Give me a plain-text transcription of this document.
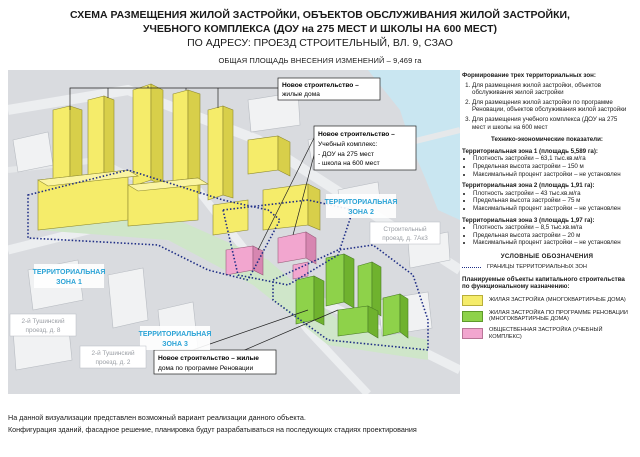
СХЕМА РАЗМЕЩЕНИЯ ЖИЛОЙ ЗАСТРОЙКИ, ОБЪЕКТОВ ОБСЛУЖИВАНИЯ ЖИЛОЙ ЗАСТРОЙКИ,
УЧЕБНОГО КОМПЛЕКСА (ДОУ на 275 МЕСТ И ШКОЛЫ НА 600 МЕСТ)
ПО АДРЕСУ: ПРОЕЗД СТРОИТЕЛЬНЫЙ, ВЛ. 9, СЗАО
ОБЩАЯ ПЛОЩАДЬ ВНЕСЕНИЯ ИЗМЕНЕНИЙ – 9,469 га
Новое строительство –
жилые дома
Новое строительство –
Учебный комплекс:
- ДОУ на 275 мест
- школа на 600 мест
Новое строительство – жилые
дома по программе Реновации
ТЕРРИТОРИАЛЬНАЯ
ЗОНА 1
ТЕРРИТОРИАЛЬНАЯ
ЗОНА 2
ТЕРРИТОРИАЛЬНАЯ
ЗОНА 3
Строительный
проезд, д. 7Ак3
2-й Тушинский
проезд, д. 8
2-й Тушинский
проезд, д. 2
Формирование трех территориальных зон:
1. Для размещения жилой застройки, объектов обслуживания жилой застройки
2. Для размещения жилой застройки по программе Реновации, объектов обслуживания жилой застройки
3. Для размещения учебного комплекса (ДОУ на 275 мест и школы на 600 мест
Технико-экономические показатели:
Территориальная зона 1 (площадь 5,589 га):
• Плотность застройки – 63,1 тыс.кв.м/га
• Предельная высота застройки – 150 м
• Максимальный процент застройки – не установлен
Территориальная зона 2 (площадь 1,91 га):
• Плотность застройки – 43 тыс.кв.м/га
• Предельная высота застройки – 75 м
• Максимальный процент застройки – не установлен
Территориальная зона 3 (площадь 1,97 га):
• Плотность застройки – 8,5 тыс.кв.м/га
• Предельная высота застройки – 20 м
• Максимальный процент застройки – не установлен
УСЛОВНЫЕ ОБОЗНАЧЕНИЯ
ГРАНИЦЫ ТЕРРИТОРИАЛЬНЫХ ЗОН
Планируемые объекты капитального строительства по функциональному назначению:
ЖИЛАЯ ЗАСТРОЙКА (МНОГОКВАРТИРНЫЕ ДОМА)
ЖИЛАЯ ЗАСТРОЙКА ПО ПРОГРАММЕ РЕНОВАЦИИ (МНОГОКВАРТИРНЫЕ ДОМА)
ОБЩЕСТВЕННАЯ ЗАСТРОЙКА (УЧЕБНЫЙ КОМПЛЕКС)
На данной визуализации представлен возможный вариант реализации данного объекта.
Конфигурация зданий, фасадное решение, планировка будут разрабатываться на последующих стадиях проектирования
